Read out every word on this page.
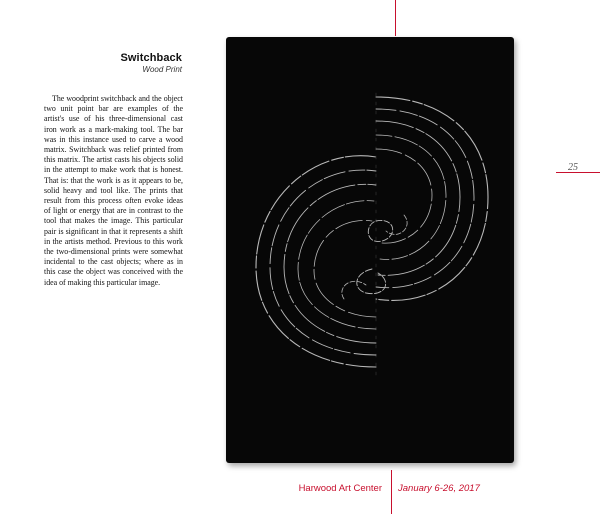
Switchback
Wood Print
The woodprint switchback and the object two unit point bar are examples of the artist's use of his three-dimensional cast iron work as a mark-making tool. The bar was in this instance used to carve a wood matrix. Switchback was relief printed from this matrix. The artist casts his objects solid in the attempt to make work that is honest. That is: that the work is as it appears to be, solid heavy and tool like. The prints that result from this process often evoke ideas of light or energy that are in contrast to the tool that makes the image. This particular pair is significant in that it represents a shift in the artists method. Previous to this work the two-dimensional prints were somewhat incidental to the cast objects; where as in this case the object was conceived with the idea of making this particular image.
25
Harwood Art Center January 6-26, 2017
